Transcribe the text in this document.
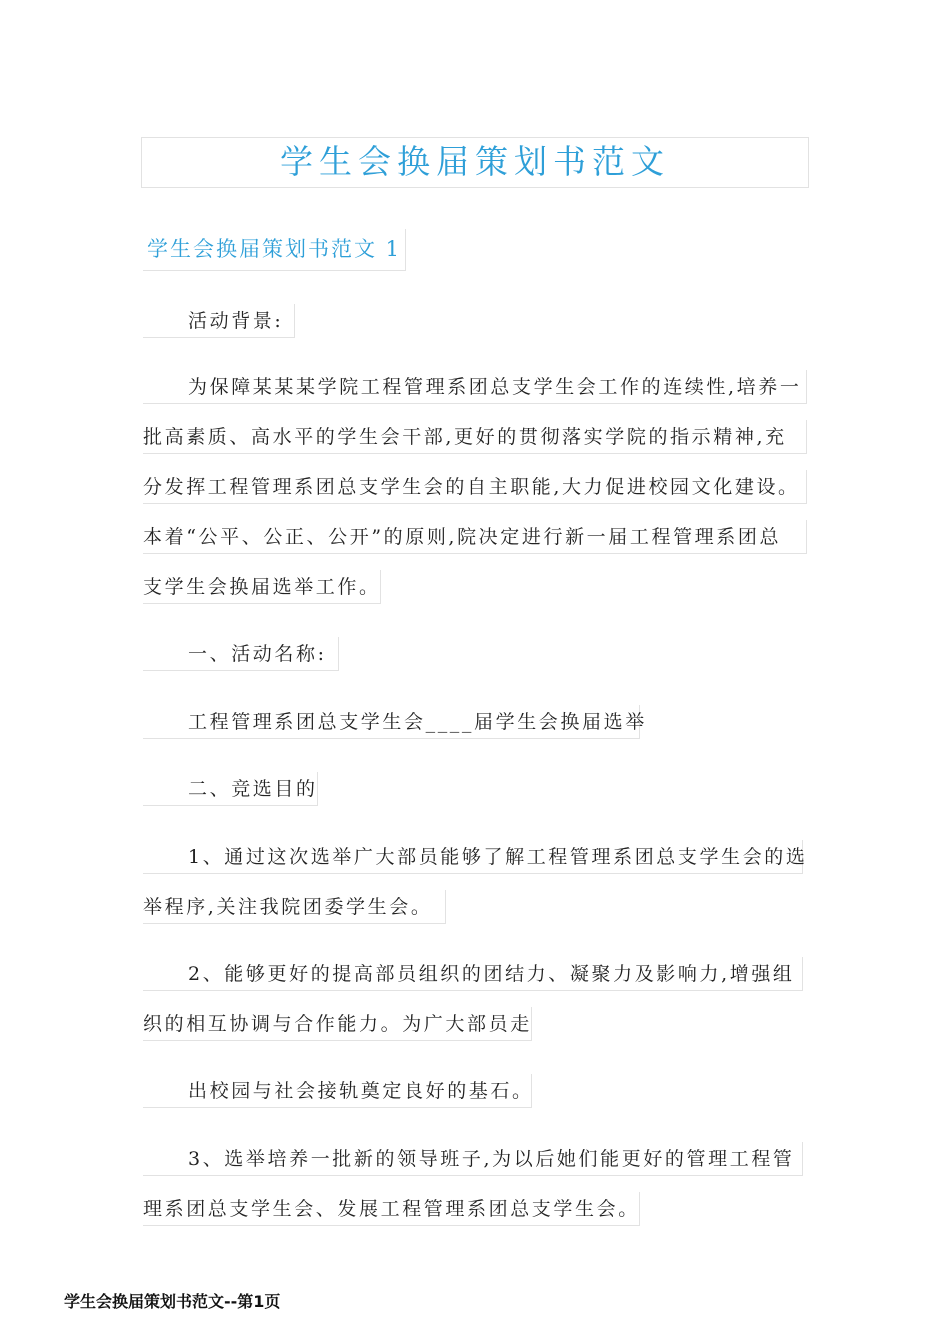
学生会换届策划书范文
学生会换届策划书范文 1
活动背景:
为保障某某某学院工程管理系团总支学生会工作的连续性,培养一
批高素质、高水平的学生会干部,更好的贯彻落实学院的指示精神,充
分发挥工程管理系团总支学生会的自主职能,大力促进校园文化建设。
本着“公平、公正、公开”的原则,院决定进行新一届工程管理系团总
支学生会换届选举工作。
一、活动名称:
工程管理系团总支学生会____届学生会换届选举
二、竞选目的
1、通过这次选举广大部员能够了解工程管理系团总支学生会的选
举程序,关注我院团委学生会。
2、能够更好的提高部员组织的团结力、凝聚力及影响力,增强组
织的相互协调与合作能力。为广大部员走
出校园与社会接轨奠定良好的基石。
3、选举培养一批新的领导班子,为以后她们能更好的管理工程管
理系团总支学生会、发展工程管理系团总支学生会。
学生会换届策划书范文--第1页
